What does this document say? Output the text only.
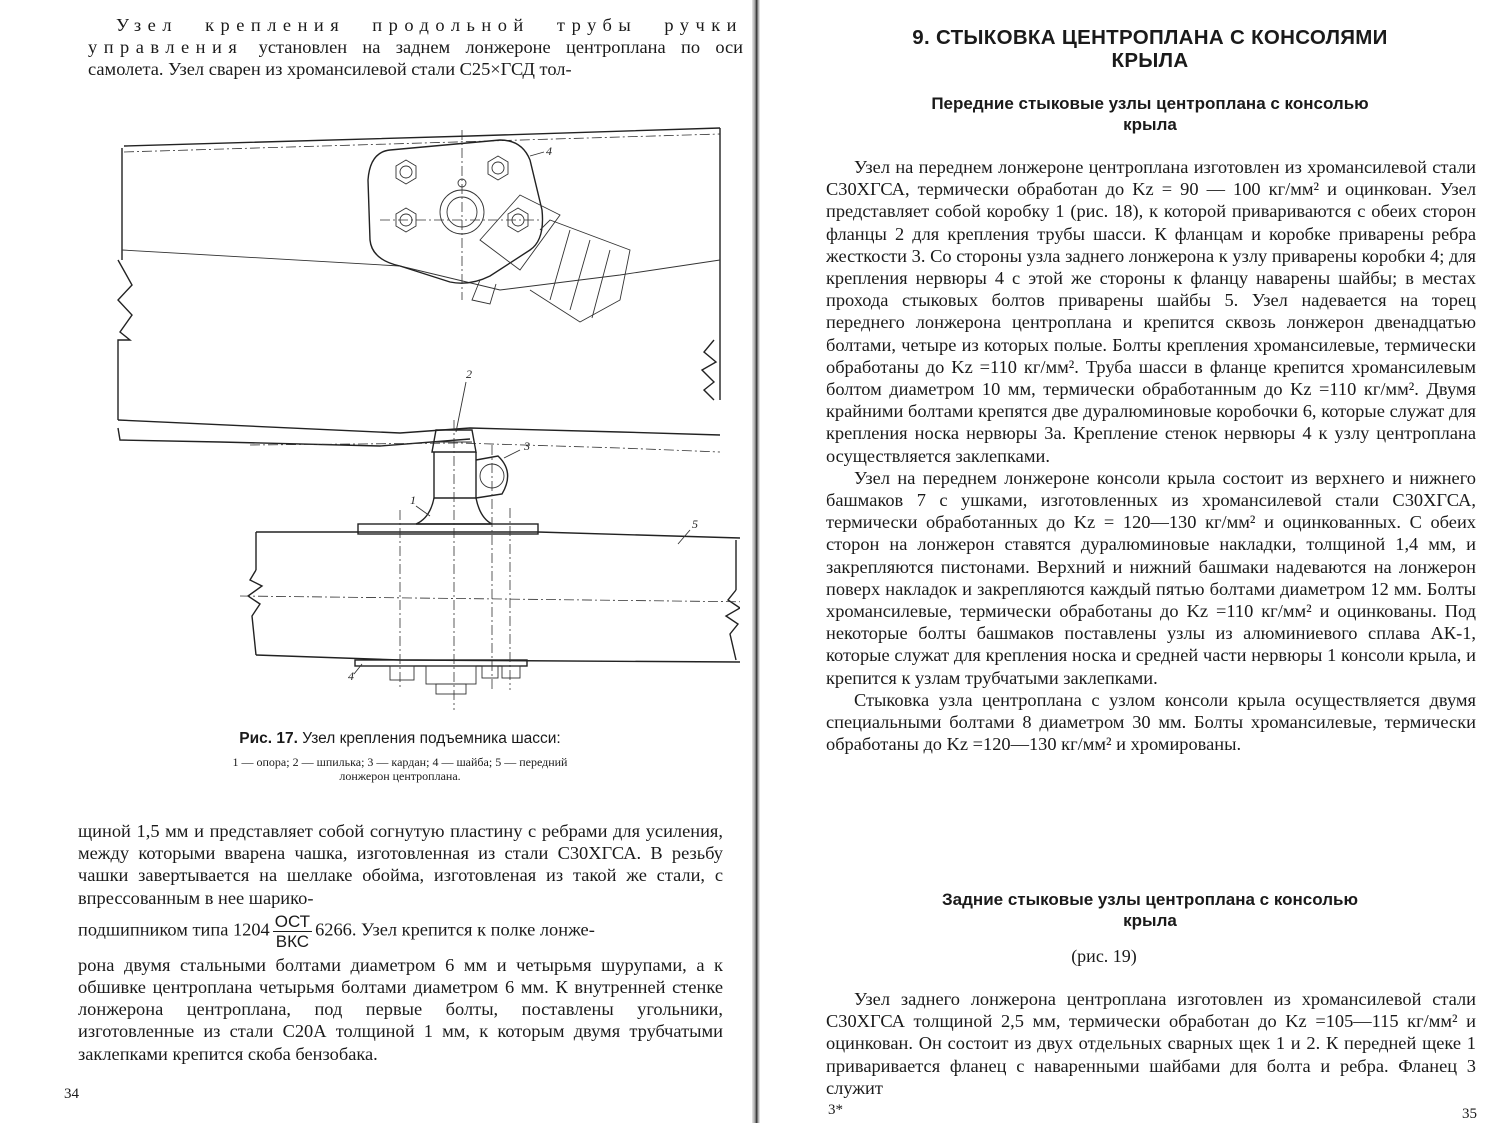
Узел крепления продольной трубы ручки

управления установлен на заднем лонжероне центроплана по оси самолета. Узел сварен из хромансилевой стали С25×ГСД тол-

4
2
3
1
5
4
Рис. 17. Узел крепления подъемника шасси:
1 — опора; 2 — шпилька; 3 — кардан; 4 — шайба; 5 — передний
лонжерон центроплана.

щиной 1,5 мм и представляет собой согнутую пластину с ребрами для усиления, между которыми вварена чашка, изготовленная из стали С30ХГСА. В резьбу чашки завертывается на шеллаке обойма, изготовленая из такой же стали, с впрессованным в нее шарико-

подшипником типа $1204 \frac{\text{ОСТ}}{\text{ВКС}} 6266$. Узел крепится к полке лонже-

рона двумя стальными болтами диаметром 6 мм и четырьмя шурупами, а к обшивке центроплана четырьмя болтами диаметром 6 мм. К внутренней стенке лонжерона центроплана, под первые болты, поставлены угольники, изготовленные из стали С20А толщиной 1 мм, к которым двумя трубчатыми заклепками крепится скоба бензобака.

34
9. СТЫКОВКА ЦЕНТРОПЛАНА С КОНСОЛЯМИ
КРЫЛА
Передние стыковые узлы центроплана с консолью
крыла

Узел на переднем лонжероне центроплана изготовлен из хромансилевой стали С30ХГСА, термически обработан до Kz = 90 — 100 кг/мм² и оцинкован. Узел представляет собой коробку 1 (рис. 18), к которой привариваются с обеих сторон фланцы 2 для крепления трубы шасси. К фланцам и коробке приварены ребра жесткости 3. Со стороны узла заднего лонжерона к узлу приварены коробки 4; для крепления нервюры 4 с этой же стороны к фланцу наварены шайбы; в местах прохода стыковых болтов приварены шайбы 5. Узел надевается на торец переднего лонжерона центроплана и крепится сквозь лонжерон двенадцатью болтами, четыре из которых полые. Болты крепления хромансилевые, термически обработаны до Kz =110 кг/мм². Труба шасси в фланце крепится хромансилевым болтом диаметром 10 мм, термически обработанным до Kz =110 кг/мм². Двумя крайними болтами крепятся две дуралюминовые коробочки 6, которые служат для крепления носка нервюры 3а. Крепление стенок нервюры 4 к узлу центроплана осуществляется заклепками.

Узел на переднем лонжероне консоли крыла состоит из верхнего и нижнего башмаков 7 с ушками, изготовленных из хромансилевой стали С30ХГСА, термически обработанных до Kz = 120—130 кг/мм² и оцинкованных. С обеих сторон на лонжерон ставятся дуралюминовые накладки, толщиной 1,4 мм, и закрепляются пистонами. Верхний и нижний башмаки надеваются на лонжерон поверх накладок и закрепляются каждый пятью болтами диаметром 12 мм. Болты хромансилевые, термически обработаны до Kz =110 кг/мм² и оцинкованы. Под некоторые болты башмаков поставлены узлы из алюминиевого сплава АК-1, которые служат для крепления носка и средней части нервюры 1 консоли крыла, и крепится к узлам трубчатыми заклепками.

Стыковка узла центроплана с узлом консоли крыла осуществляется двумя специальными болтами 8 диаметром 30 мм. Болты хромансилевые, термически обработаны до Kz =120—130 кг/мм² и хромированы.

Задние стыковые узлы центроплана с консолью
крыла
(рис. 19)

Узел заднего лонжерона центроплана изготовлен из хромансилевой стали С30ХГСА толщиной 2,5 мм, термически обработан до Kz =105—115 кг/мм² и оцинкован. Он состоит из двух отдельных сварных щек 1 и 2. К передней щеке 1 приваривается фланец с наваренными шайбами для болта и ребра. Фланец 3 служит

3*	35
